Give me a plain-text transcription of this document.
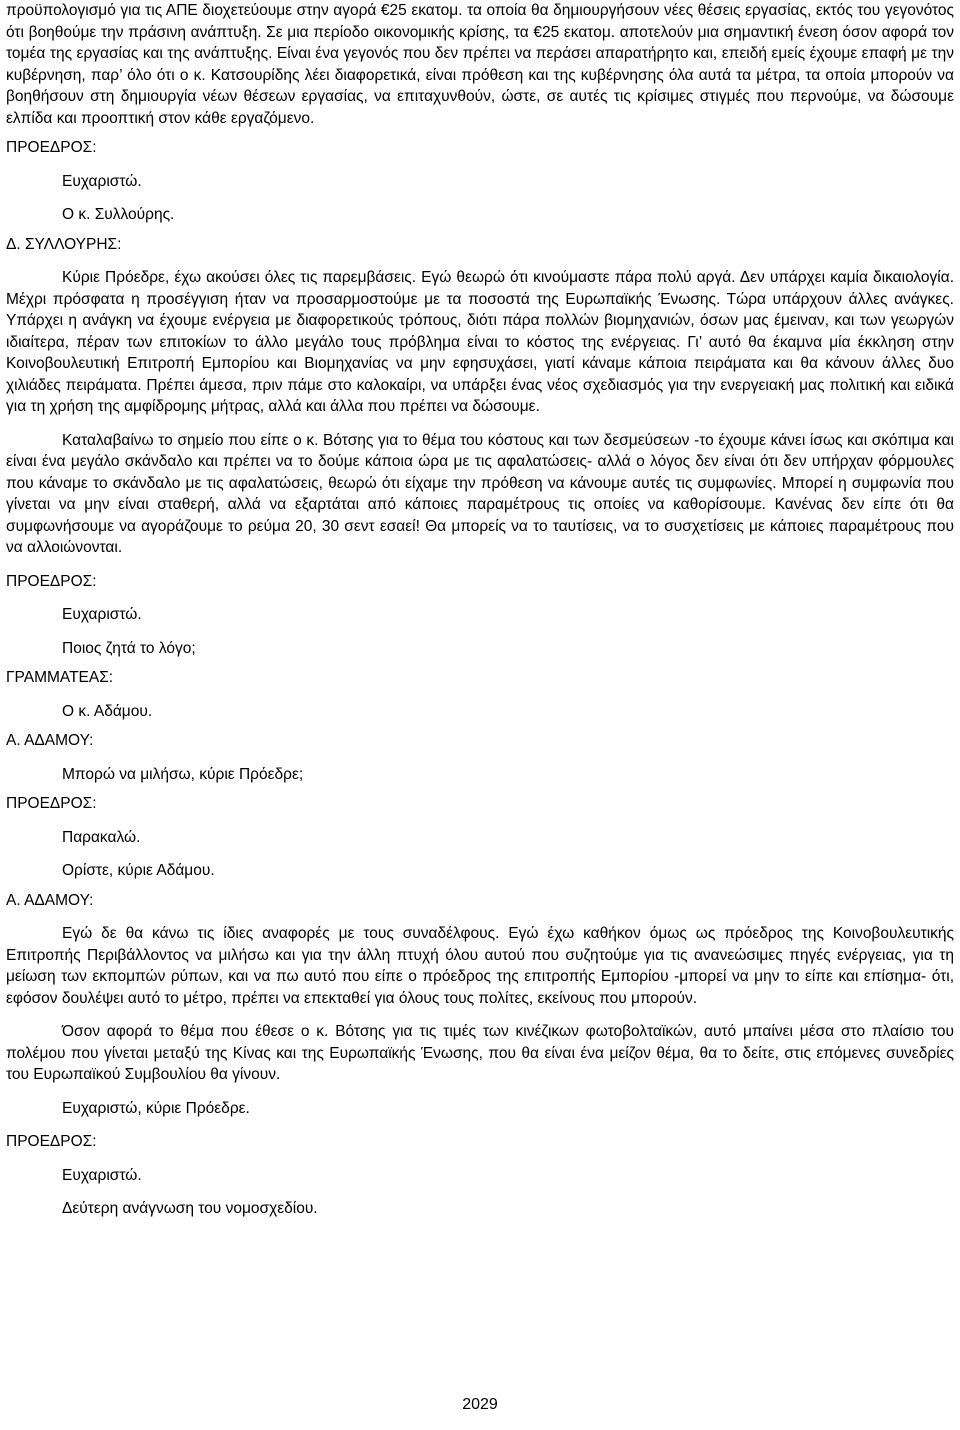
προϋπολογισμό για τις ΑΠΕ διοχετεύουμε στην αγορά €25 εκατομ. τα οποία θα δημιουργήσουν νέες θέσεις εργασίας, εκτός του γεγονότος ότι βοηθούμε την πράσινη ανάπτυξη. Σε μια περίοδο οικονομικής κρίσης, τα €25 εκατομ. αποτελούν μια σημαντική ένεση όσον αφορά τον τομέα της εργασίας και της ανάπτυξης. Είναι ένα γεγονός που δεν πρέπει να περάσει απαρατήρητο και, επειδή εμείς έχουμε επαφή με την κυβέρνηση, παρ’ όλο ότι ο κ. Κατσουρίδης λέει διαφορετικά, είναι πρόθεση και της κυβέρνησης όλα αυτά τα μέτρα, τα οποία μπορούν να βοηθήσουν στη δημιουργία νέων θέσεων εργασίας, να επιταχυνθούν, ώστε, σε αυτές τις κρίσιμες στιγμές που περνούμε, να δώσουμε ελπίδα και προοπτική στον κάθε εργαζόμενο.

ΠΡΟΕΔΡΟΣ:

Ευχαριστώ.

Ο κ. Συλλούρης.

Δ. ΣΥΛΛΟΥΡΗΣ:

Κύριε Πρόεδρε, έχω ακούσει όλες τις παρεμβάσεις. Εγώ θεωρώ ότι κινούμαστε πάρα πολύ αργά. Δεν υπάρχει καμία δικαιολογία. Μέχρι πρόσφατα η προσέγγιση ήταν να προσαρμοστούμε με τα ποσοστά της Ευρωπαϊκής Ένωσης. Τώρα υπάρχουν άλλες ανάγκες. Υπάρχει η ανάγκη να έχουμε ενέργεια με διαφορετικούς τρόπους, διότι πάρα πολλών βιομηχανιών, όσων μας έμειναν, και των γεωργών ιδιαίτερα, πέραν των επιτοκίων το άλλο μεγάλο τους πρόβλημα είναι το κόστος της ενέργειας. Γι’ αυτό θα έκαμνα μία έκκληση στην Κοινοβουλευτική Επιτροπή Εμπορίου και Βιομηχανίας να μην εφησυχάσει, γιατί κάναμε κάποια πειράματα και θα κάνουν άλλες δυο χιλιάδες πειράματα. Πρέπει άμεσα, πριν πάμε στο καλοκαίρι, να υπάρξει ένας νέος σχεδιασμός για την ενεργειακή μας πολιτική και ειδικά για τη χρήση της αμφίδρομης μήτρας, αλλά και άλλα που πρέπει να δώσουμε.

Καταλαβαίνω το σημείο που είπε ο κ. Βότσης για το θέμα του κόστους και των δεσμεύσεων -το έχουμε κάνει ίσως και σκόπιμα και είναι ένα μεγάλο σκάνδαλο και πρέπει να το δούμε κάποια ώρα με τις αφαλατώσεις- αλλά ο λόγος δεν είναι ότι δεν υπήρχαν φόρμουλες που κάναμε το σκάνδαλο με τις αφαλατώσεις, θεωρώ ότι είχαμε την πρόθεση να κάνουμε αυτές τις συμφωνίες. Μπορεί η συμφωνία που γίνεται να μην είναι σταθερή, αλλά να εξαρτάται από κάποιες παραμέτρους τις οποίες να καθορίσουμε. Κανένας δεν είπε ότι θα συμφωνήσουμε να αγοράζουμε το ρεύμα 20, 30 σεντ εσαεί! Θα μπορείς να το ταυτίσεις, να το συσχετίσεις με κάποιες παραμέτρους που να αλλοιώνονται.

ΠΡΟΕΔΡΟΣ:

Ευχαριστώ.

Ποιος ζητά το λόγο;

ΓΡΑΜΜΑΤΕΑΣ:

Ο κ. Αδάμου.

Α. ΑΔΑΜΟΥ:

Μπορώ να μιλήσω, κύριε Πρόεδρε;

ΠΡΟΕΔΡΟΣ:

Παρακαλώ.

Ορίστε, κύριε Αδάμου.

Α. ΑΔΑΜΟΥ:

Εγώ δε θα κάνω τις ίδιες αναφορές με τους συναδέλφους. Εγώ έχω καθήκον όμως ως πρόεδρος της Κοινοβουλευτικής Επιτροπής Περιβάλλοντος να μιλήσω και για την άλλη πτυχή όλου αυτού που συζητούμε για τις ανανεώσιμες πηγές ενέργειας, για τη μείωση των εκπομπών ρύπων, και να πω αυτό που είπε ο πρόεδρος της επιτροπής Εμπορίου -μπορεί να μην το είπε και επίσημα- ότι, εφόσον δουλέψει αυτό το μέτρο, πρέπει να επεκταθεί για όλους τους πολίτες, εκείνους που μπορούν.

Όσον αφορά το θέμα που έθεσε ο κ. Βότσης για τις τιμές των κινέζικων φωτοβολταϊκών, αυτό μπαίνει μέσα στο πλαίσιο του πολέμου που γίνεται μεταξύ της Κίνας και της Ευρωπαϊκής Ένωσης, που θα είναι ένα μείζον θέμα, θα το δείτε, στις επόμενες συνεδρίες του Ευρωπαϊκού Συμβουλίου θα γίνουν.

Ευχαριστώ, κύριε Πρόεδρε.

ΠΡΟΕΔΡΟΣ:

Ευχαριστώ.

Δεύτερη ανάγνωση του νομοσχεδίου.

2029
